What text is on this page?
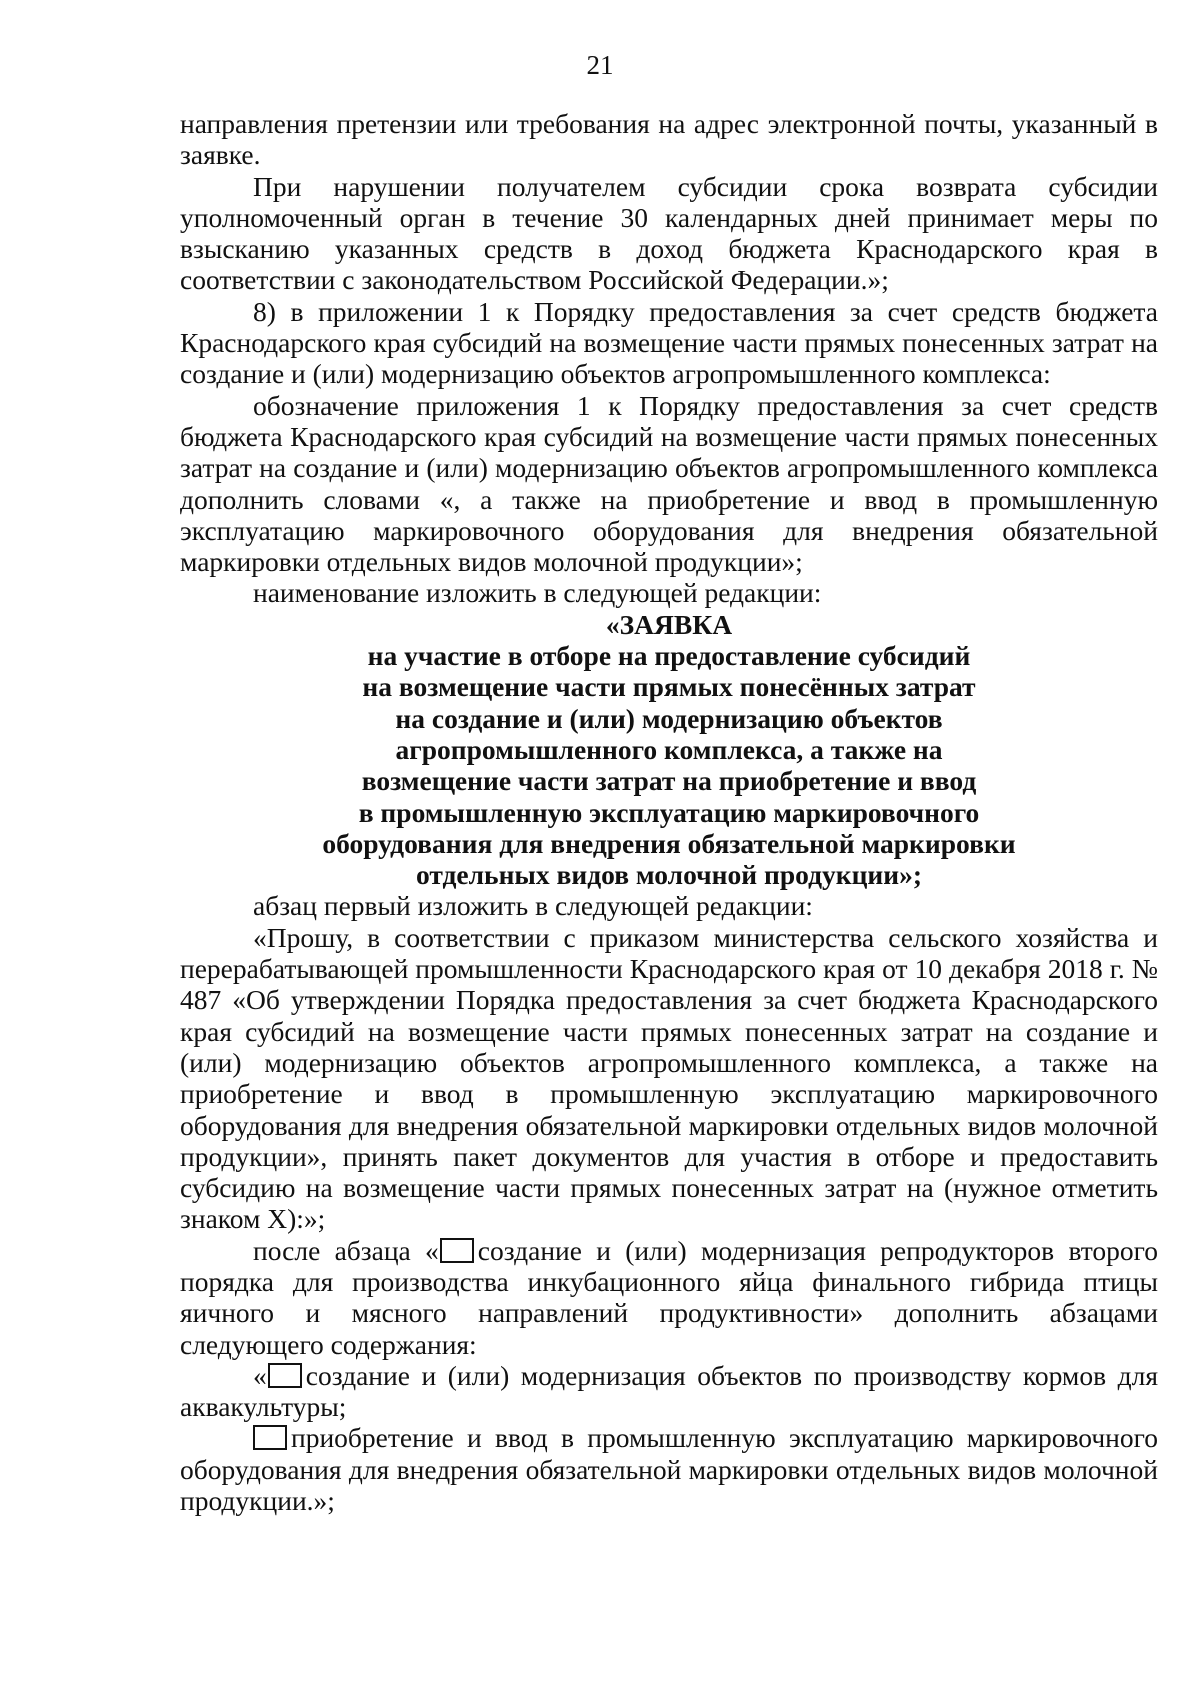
21

направления претензии или требования на адрес электронной почты, указанный в заявке.

При нарушении получателем субсидии срока возврата субсидии уполномоченный орган в течение 30 календарных дней принимает меры по взысканию указанных средств в доход бюджета Краснодарского края в соответствии с законодательством Российской Федерации.»;

8) в приложении 1 к Порядку предоставления за счет средств бюджета Краснодарского края субсидий на возмещение части прямых понесенных затрат на создание и (или) модернизацию объектов агропромышленного комплекса:

обозначение приложения 1 к Порядку предоставления за счет средств бюджета Краснодарского края субсидий на возмещение части прямых понесенных затрат на создание и (или) модернизацию объектов агропромышленного комплекса дополнить словами «, а также на приобретение и ввод в промышленную эксплуатацию маркировочного оборудования для внедрения обязательной маркировки отдельных видов молочной продукции»;

наименование изложить в следующей редакции:

«ЗАЯВКА
на участие в отборе на предоставление субсидий
на возмещение части прямых понесённых затрат
на создание и (или) модернизацию объектов
агропромышленного комплекса, а также на
возмещение части затрат на приобретение и ввод
в промышленную эксплуатацию маркировочного
оборудования для внедрения обязательной маркировки
отдельных видов молочной продукции»;

абзац первый изложить в следующей редакции:

«Прошу, в соответствии с приказом министерства сельского хозяйства и перерабатывающей промышленности Краснодарского края от 10 декабря 2018 г. № 487 «Об утверждении Порядка предоставления за счет бюджета Краснодарского края субсидий на возмещение части прямых понесенных затрат на создание и (или) модернизацию объектов агропромышленного комплекса, а также на приобретение и ввод в промышленную эксплуатацию маркировочного оборудования для внедрения обязательной маркировки отдельных видов молочной продукции», принять пакет документов для участия в отборе и предоставить субсидию на возмещение части прямых понесенных затрат на (нужное отметить знаком Х):»;

после абзаца « создание и (или) модернизация репродукторов второго порядка для производства инкубационного яйца финального гибрида птицы яичного и мясного направлений продуктивности» дополнить абзацами следующего содержания:

« создание и (или) модернизация объектов по производству кормов для аквакультуры;

приобретение и ввод в промышленную эксплуатацию маркировочного оборудования для внедрения обязательной маркировки отдельных видов молочной продукции.»;
